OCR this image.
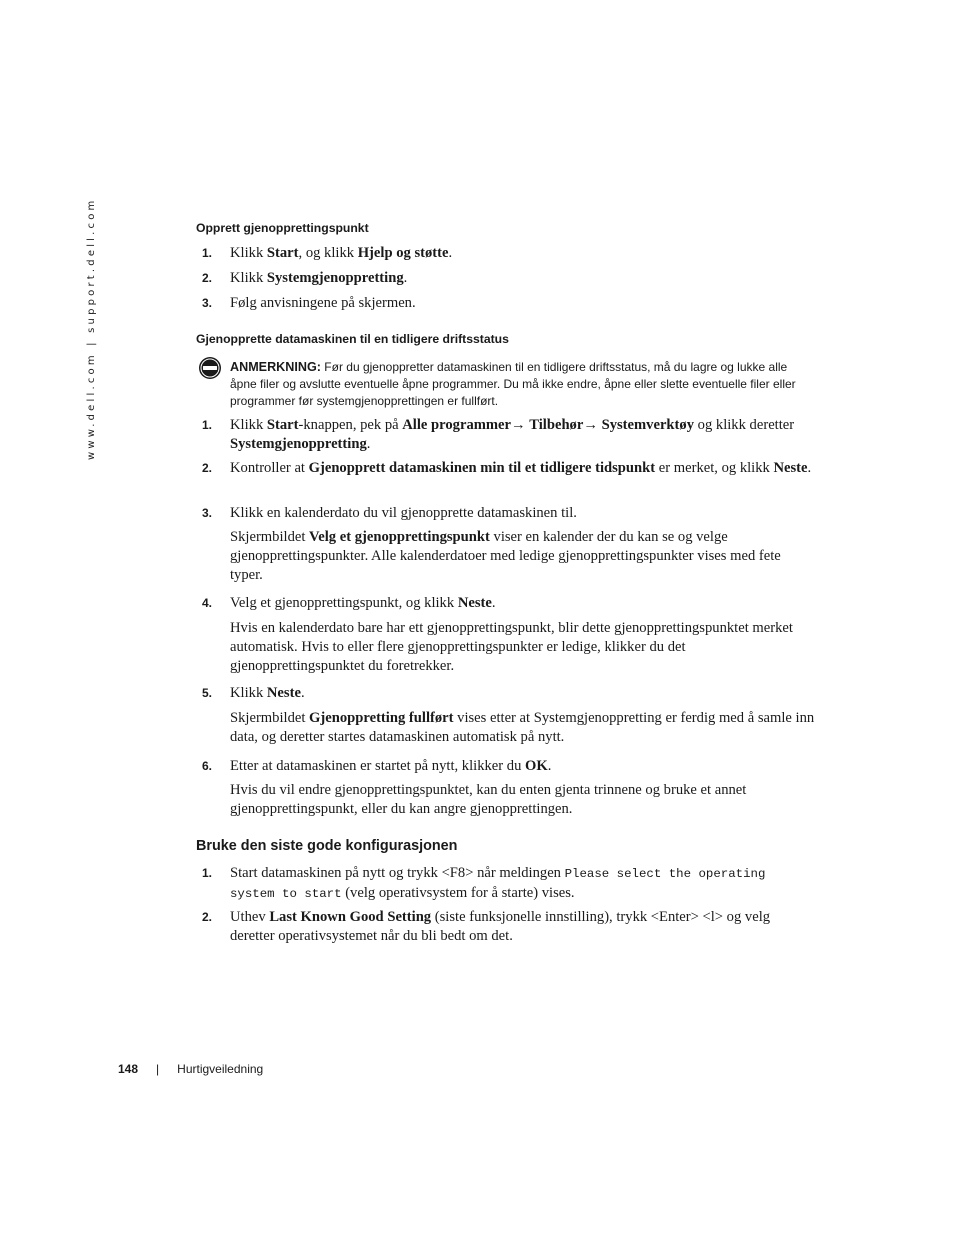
www.dell.com | support.dell.com	Opprett gjenopprettingspunkt
1. Klikk Start, og klikk Hjelp og støtte.
2. Klikk Systemgjenoppretting.
3. Følg anvisningene på skjermen.
Gjenopprette datamaskinen til en tidligere driftsstatus
ANMERKNING: Før du gjenoppretter datamaskinen til en tidligere driftsstatus, må du lagre og lukke alle åpne filer og avslutte eventuelle åpne programmer. Du må ikke endre, åpne eller slette eventuelle filer eller programmer før systemgjenopprettingen er fullført.
1. Klikk Start-knappen, pek på Alle programmer→ Tilbehør→ Systemverktøy og klikk deretter Systemgjenoppretting.
2. Kontroller at Gjenopprett datamaskinen min til et tidligere tidspunkt er merket, og klikk Neste.
3. Klikk en kalenderdato du vil gjenopprette datamaskinen til.
Skjermbildet Velg et gjenopprettingspunkt viser en kalender der du kan se og velge gjenopprettingspunkter. Alle kalenderdatoer med ledige gjenopprettingspunkter vises med fete typer.
4. Velg et gjenopprettingspunkt, og klikk Neste.
Hvis en kalenderdato bare har ett gjenopprettingspunkt, blir dette gjenopprettingspunktet merket automatisk. Hvis to eller flere gjenopprettingspunkter er ledige, klikker du det gjenopprettingspunktet du foretrekker.
5. Klikk Neste.
Skjermbildet Gjenoppretting fullført vises etter at Systemgjenoppretting er ferdig med å samle inn data, og deretter startes datamaskinen automatisk på nytt.
6. Etter at datamaskinen er startet på nytt, klikker du OK.
Hvis du vil endre gjenopprettingspunktet, kan du enten gjenta trinnene og bruke et annet gjenopprettingspunkt, eller du kan angre gjenopprettingen.
Bruke den siste gode konfigurasjonen
1. Start datamaskinen på nytt og trykk <F8> når meldingen Please select the operating system to start (velg operativsystem for å starte) vises.
2. Uthev Last Known Good Setting (siste funksjonelle innstilling), trykk <Enter> <l> og velg deretter operativsystemet når du bli bedt om det.
148 | Hurtigveiledning
